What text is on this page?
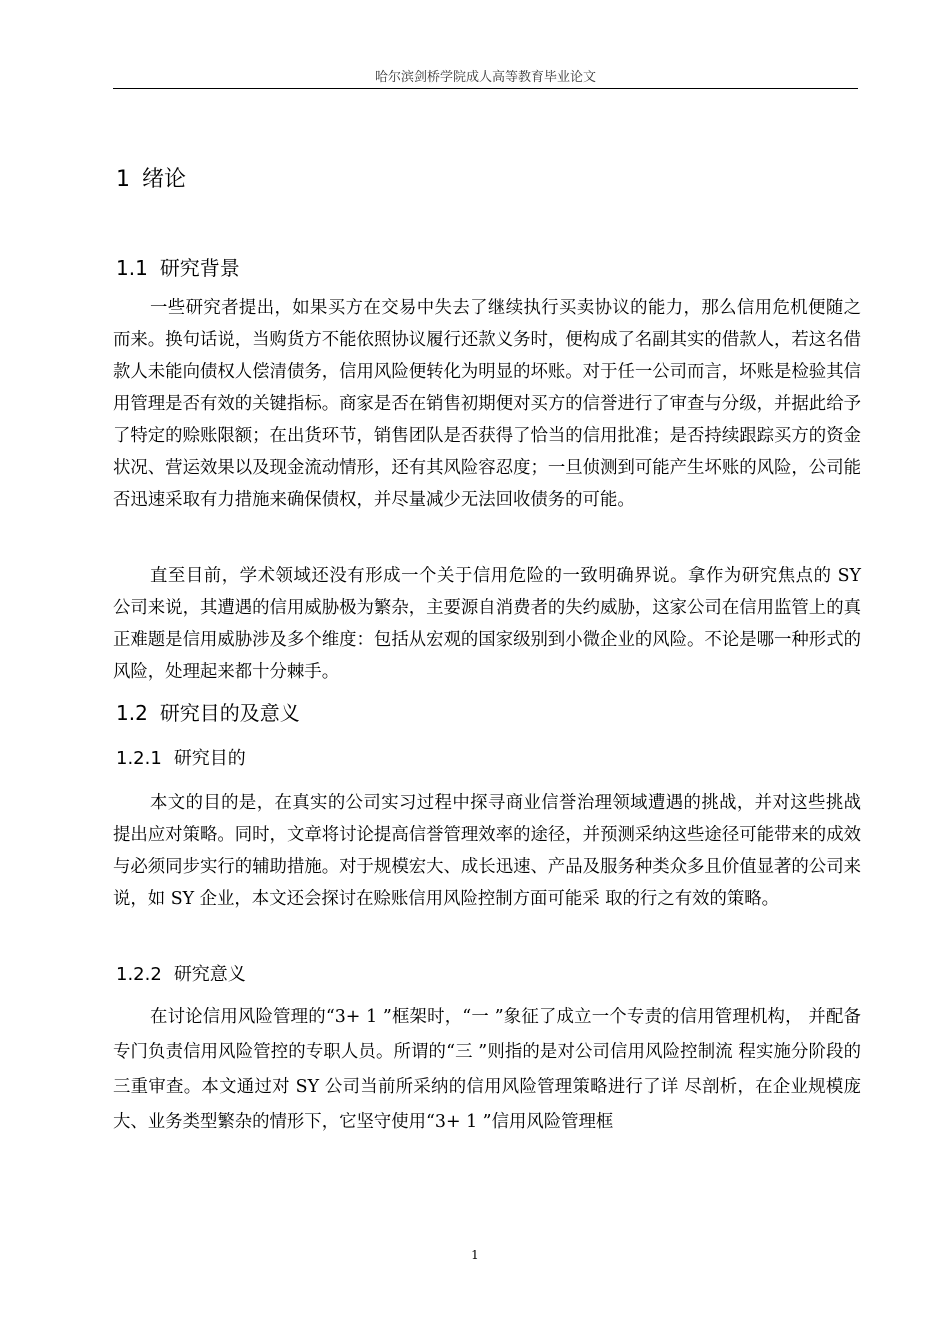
哈尔滨剑桥学院成人高等教育毕业论文
1 绪论
1.1 研究背景

一些研究者提出，如果买方在交易中失去了继续执行买卖协议的能力，那么信用危机便随之而来。换句话说，当购货方不能依照协议履行还款义务时，便构成了名副其实的借款人，若这名借款人未能向债权人偿清债务，信用风险便转化为明显的坏账。对于任一公司而言，坏账是检验其信用管理是否有效的关键指标。商家是否在销售初期便对买方的信誉进行了审查与分级，并据此给予了特定的赊账限额；在出货环节，销售团队是否获得了恰当的信用批准；是否持续跟踪买方的资金状况、营运效果以及现金流动情形，还有其风险容忍度；一旦侦测到可能产生坏账的风险，公司能否迅速采取有力措施来确保债权，并尽量减少无法回收债务的可能。

直至目前，学术领域还没有形成一个关于信用危险的一致明确界说。拿作为研究焦点的 SY 公司来说，其遭遇的信用威胁极为繁杂，主要源自消费者的失约威胁，这家公司在信用监管上的真正难题是信用威胁涉及多个维度：包括从宏观的国家级别到小微企业的风险。不论是哪一种形式的风险，处理起来都十分棘手。

1.2 研究目的及意义
1.2.1 研究目的

本文的目的是，在真实的公司实习过程中探寻商业信誉治理领域遭遇的挑战，并对这些挑战提出应对策略。同时，文章将讨论提高信誉管理效率的途径，并预测采纳这些途径可能带来的成效与必须同步实行的辅助措施。对于规模宏大、成长迅速、产品及服务种类众多且价值显著的公司来说，如 SY 企业，本文还会探讨在赊账信用风险控制方面可能采 取的行之有效的策略。

1.2.2 研究意义

在讨论信用风险管理的“3+ 1 ”框架时，“一 ”象征了成立一个专责的信用管理机构， 并配备专门负责信用风险管控的专职人员。所谓的“三 ”则指的是对公司信用风险控制流 程实施分阶段的三重审查。本文通过对 SY 公司当前所采纳的信用风险管理策略进行了详 尽剖析，在企业规模庞大、业务类型繁杂的情形下，它坚守使用“3+ 1 ”信用风险管理框

1
